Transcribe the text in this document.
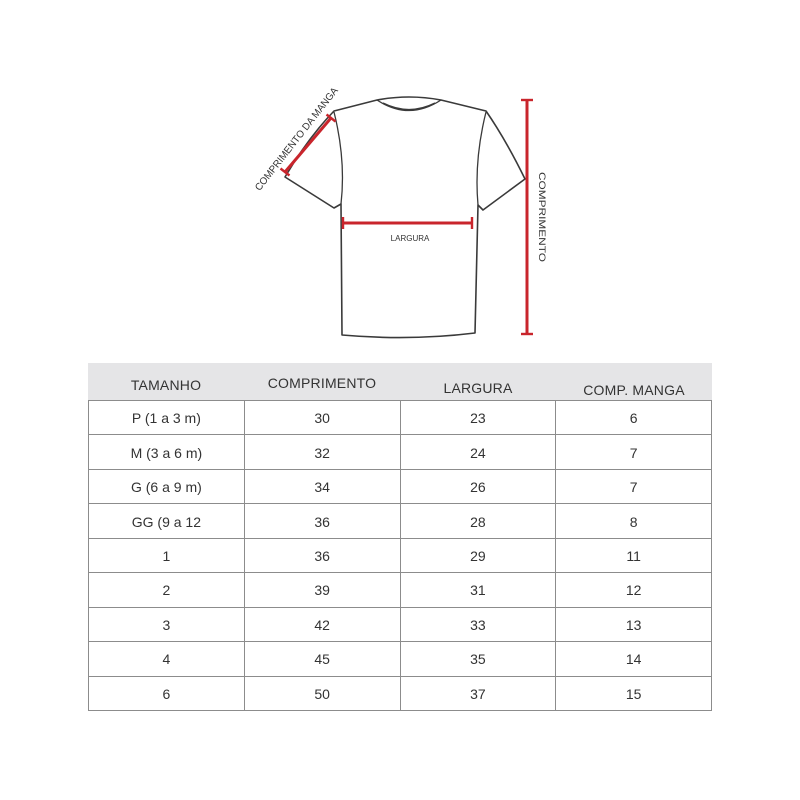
COMPRIMENTO DA MANGA
LARGURA	COMPRIMENTO
TAMANHO	COMPRIMENTO	LARGURA	COMP. MANGA
P (1 a 3 m)	30	23	6
M (3 a 6 m)	32	24	7
G (6 a 9 m)	34	26	7
GG (9 a 12	36	28	8
1	36	29	11
2	39	31	12
3	42	33	13
4	45	35	14
6	50	37	15
